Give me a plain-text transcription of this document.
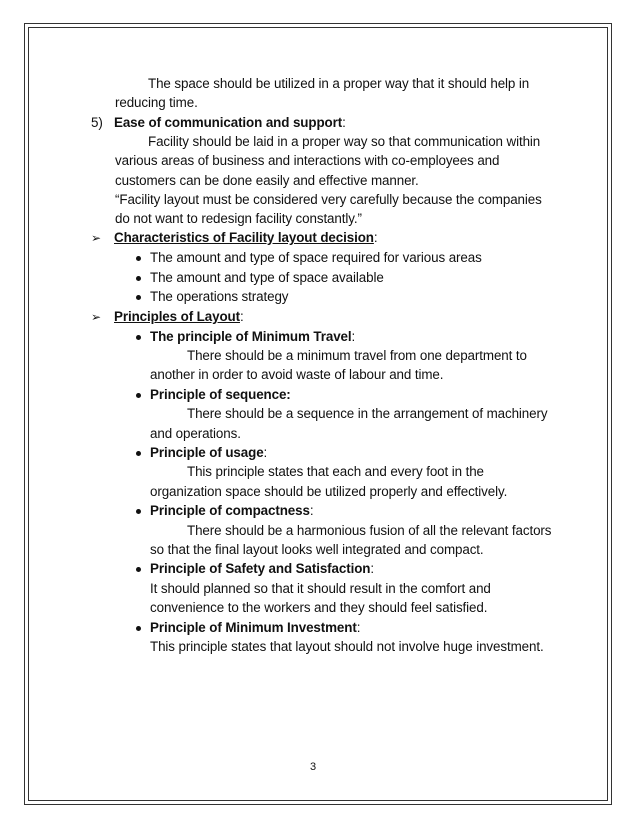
The space should be utilized in a proper way that it should help in
reducing time.
5) Ease of communication and support:
Facility should be laid in a proper way so that communication within
various areas of business and interactions with co-employees and
customers can be done easily and effective manner.
“Facility layout must be considered very carefully because the companies
do not want to redesign facility constantly.”
➢ Characteristics of Facility layout decision:
The amount and type of space required for various areas
The amount and type of space available
The operations strategy
➢ Principles of Layout:
The principle of Minimum Travel:
There should be a minimum travel from one department to
another in order to avoid waste of labour and time.
Principle of sequence:
There should be a sequence in the arrangement of machinery
and operations.
Principle of usage:
This principle states that each and every foot in the
organization space should be utilized properly and effectively.
Principle of compactness:
There should be a harmonious fusion of all the relevant factors
so that the final layout looks well integrated and compact.
Principle of Safety and Satisfaction:
It should planned so that it should result in the comfort and
convenience to the workers and they should feel satisfied.
Principle of Minimum Investment:
This principle states that layout should not involve huge investment.
3
